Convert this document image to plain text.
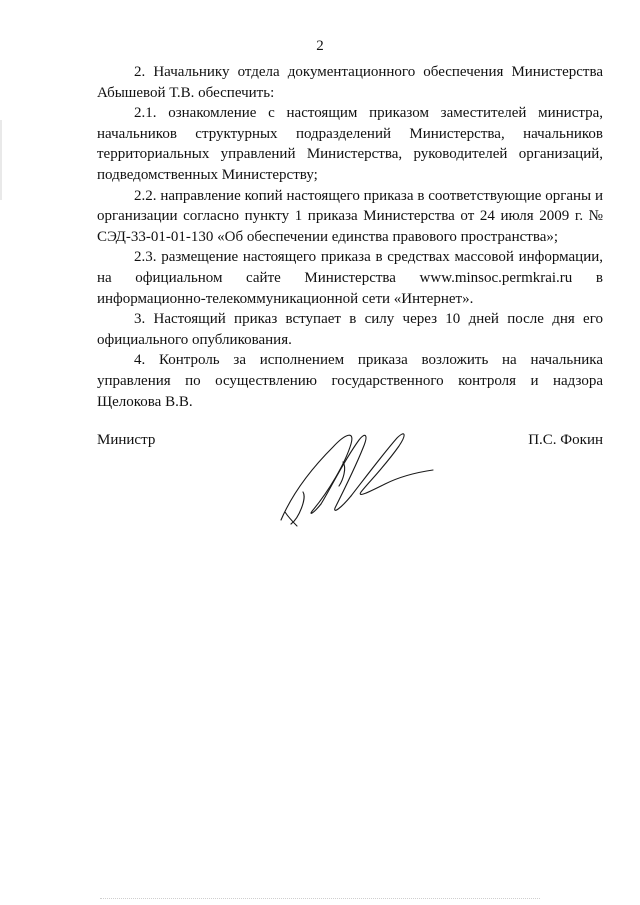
2

2. Начальнику отдела документационного обеспечения Министерства Абышевой Т.В. обеспечить:

2.1. ознакомление с настоящим приказом заместителей министра, начальников структурных подразделений Министерства, начальников территориальных управлений Министерства, руководителей организаций, подведомственных Министерству;

2.2. направление копий настоящего приказа в соответствующие органы и организации согласно пункту 1 приказа Министерства от 24 июля 2009 г. № СЭД-33-01-01-130 «Об обеспечении единства правового пространства»;

2.3. размещение настоящего приказа в средствах массовой информации, на официальном сайте Министерства www.minsoc.permkrai.ru в информационно-телекоммуникационной сети «Интернет».

3. Настоящий приказ вступает в силу через 10 дней после дня его официального опубликования.

4. Контроль за исполнением приказа возложить на начальника управления по осуществлению государственного контроля и надзора Щелокова В.В.

Министр	П.С. Фокин
